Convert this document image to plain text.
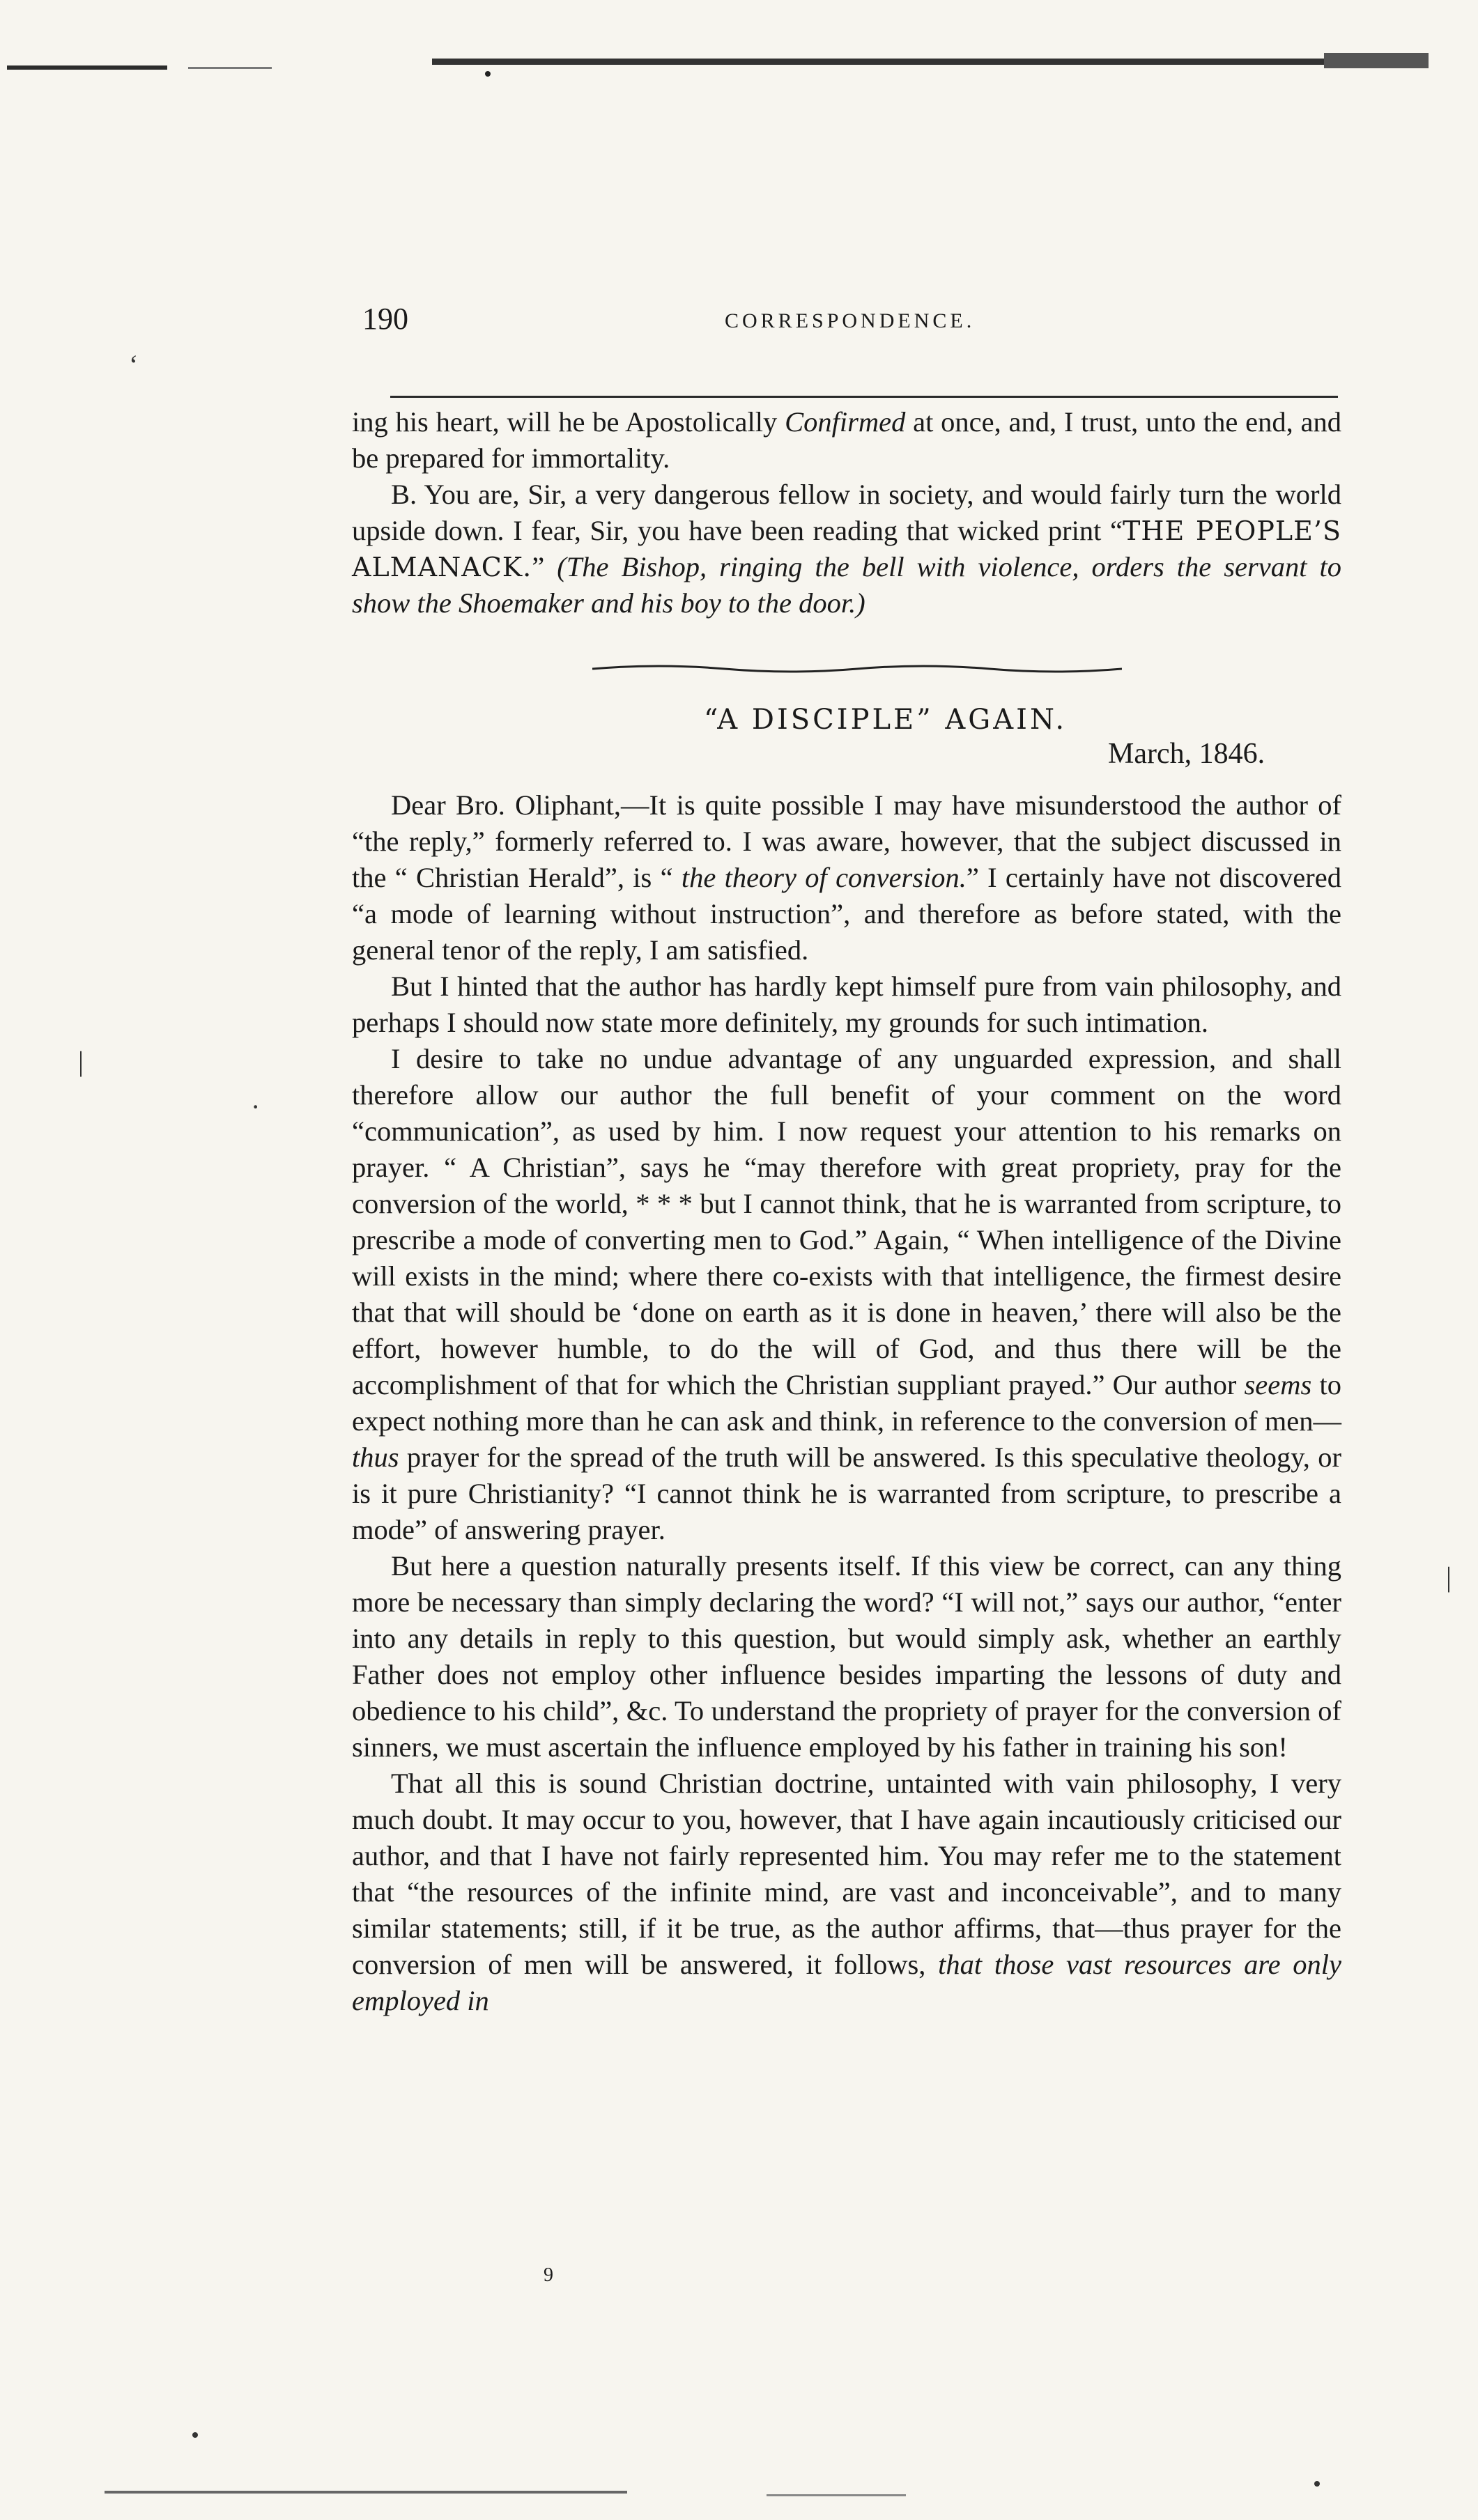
190	CORRESPONDENCE.

ing his heart, will he be Apostolically Confirmed at once, and, I trust, unto the end, and be prepared for immortality.

B. You are, Sir, a very dangerous fellow in society, and would fairly turn the world upside down. I fear, Sir, you have been reading that wicked print “THE PEOPLE’S ALMANACK.” (The Bishop, ringing the bell with violence, orders the servant to show the Shoemaker and his boy to the door.)

“A DISCIPLE” AGAIN.
March, 1846.

Dear Bro. Oliphant,—It is quite possible I may have misunderstood the author of “the reply,” formerly referred to. I was aware, however, that the subject discussed in the “ Christian Herald”, is “ the theory of conversion.” I certainly have not discovered “a mode of learning without instruction”, and therefore as before stated, with the general tenor of the reply, I am satisfied.

But I hinted that the author has hardly kept himself pure from vain philosophy, and perhaps I should now state more definitely, my grounds for such intimation.

I desire to take no undue advantage of any unguarded expression, and shall therefore allow our author the full benefit of your comment on the word “communication”, as used by him. I now request your attention to his remarks on prayer. “ A Christian”, says he “may therefore with great propriety, pray for the conversion of the world, * * * but I cannot think, that he is warranted from scripture, to prescribe a mode of converting men to God.” Again, “ When intelligence of the Divine will exists in the mind; where there co-exists with that intelligence, the firmest desire that that will should be ‘done on earth as it is done in heaven,’ there will also be the effort, however humble, to do the will of God, and thus there will be the accomplishment of that for which the Christian suppliant prayed.” Our author seems to expect nothing more than he can ask and think, in reference to the conversion of men—thus prayer for the spread of the truth will be answered. Is this speculative theology, or is it pure Christianity? “I cannot think he is warranted from scripture, to prescribe a mode” of answering prayer.

But here a question naturally presents itself. If this view be correct, can any thing more be necessary than simply declaring the word? “I will not,” says our author, “enter into any details in reply to this question, but would simply ask, whether an earthly Father does not employ other influence besides imparting the lessons of duty and obedience to his child”, &c. To understand the propriety of prayer for the conversion of sinners, we must ascertain the influence employed by his father in training his son!

That all this is sound Christian doctrine, untainted with vain philosophy, I very much doubt. It may occur to you, however, that I have again incautiously criticised our author, and that I have not fairly represented him. You may refer me to the statement that “the resources of the infinite mind, are vast and inconceivable”, and to many similar statements; still, if it be true, as the author affirms, that—thus prayer for the conversion of men will be answered, it follows, that those vast resources are only employed in

9
ʻ
|
·
|
